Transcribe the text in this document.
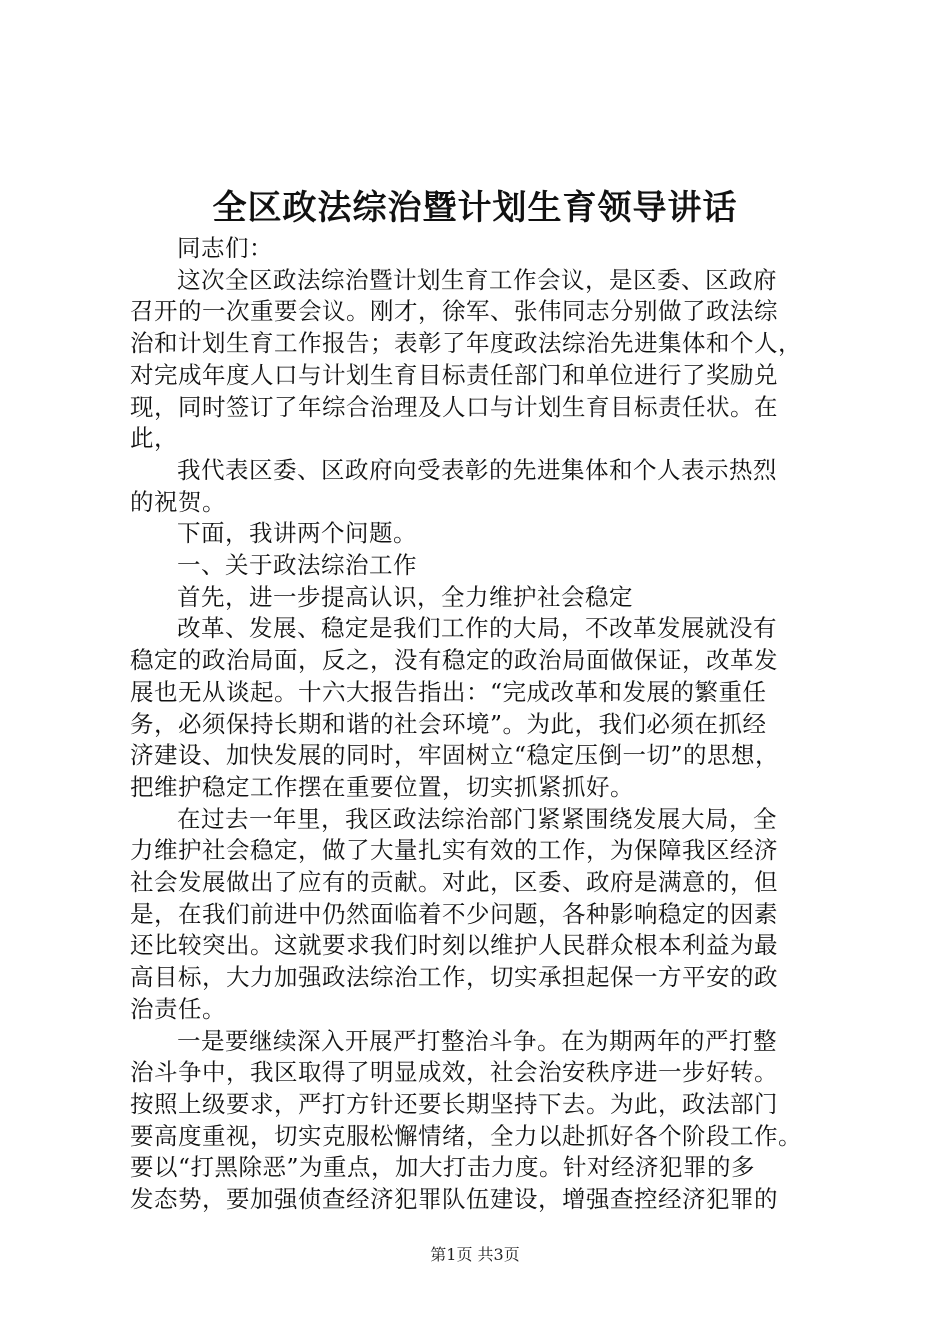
全区政法综治暨计划生育领导讲话

同志们：

这次全区政法综治暨计划生育工作会议，是区委、区政府
召开的一次重要会议。刚才，徐军、张伟同志分别做了政法综
治和计划生育工作报告；表彰了年度政法综治先进集体和个人，
对完成年度人口与计划生育目标责任部门和单位进行了奖励兑
现，同时签订了年综合治理及人口与计划生育目标责任状。在
此，

我代表区委、区政府向受表彰的先进集体和个人表示热烈
的祝贺。

下面，我讲两个问题。

一、关于政法综治工作

首先，进一步提高认识，全力维护社会稳定

改革、发展、稳定是我们工作的大局，不改革发展就没有
稳定的政治局面，反之，没有稳定的政治局面做保证，改革发
展也无从谈起。十六大报告指出：“完成改革和发展的繁重任
务，必须保持长期和谐的社会环境”。为此，我们必须在抓经
济建设、加快发展的同时，牢固树立“稳定压倒一切”的思想，
把维护稳定工作摆在重要位置，切实抓紧抓好。

在过去一年里，我区政法综治部门紧紧围绕发展大局，全
力维护社会稳定，做了大量扎实有效的工作，为保障我区经济
社会发展做出了应有的贡献。对此，区委、政府是满意的，但
是，在我们前进中仍然面临着不少问题，各种影响稳定的因素
还比较突出。这就要求我们时刻以维护人民群众根本利益为最
高目标，大力加强政法综治工作，切实承担起保一方平安的政
治责任。

一是要继续深入开展严打整治斗争。在为期两年的严打整
治斗争中，我区取得了明显成效，社会治安秩序进一步好转。
按照上级要求，严打方针还要长期坚持下去。为此，政法部门
要高度重视，切实克服松懈情绪，全力以赴抓好各个阶段工作。
要以“打黑除恶”为重点，加大打击力度。针对经济犯罪的多
发态势，要加强侦查经济犯罪队伍建设，增强查控经济犯罪的

第1页 共3页
